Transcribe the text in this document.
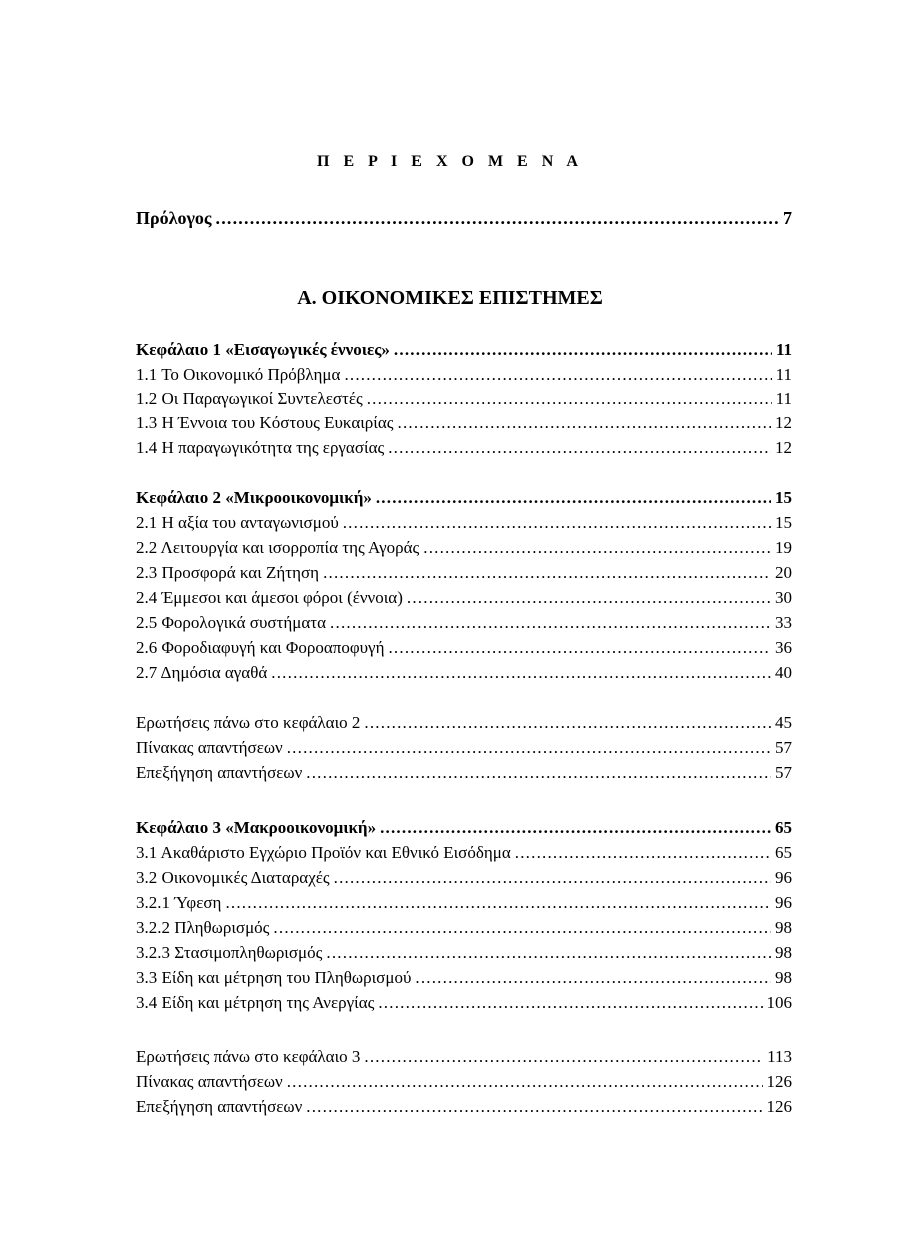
Π Ε Ρ Ι Ε Χ Ο Μ Ε Ν Α
Πρόλογος .....	7
Α. ΟΙΚΟΝΟΜΙΚΕΣ ΕΠΙΣΤΗΜΕΣ
Κεφάλαιο 1 «Εισαγωγικές έννοιες» .....	11
1.1 Το Οικονομικό Πρόβλημα .....	11
1.2 Οι Παραγωγικοί Συντελεστές .....	11
1.3 Η Έννοια του Κόστους Ευκαιρίας .....	12
1.4 Η παραγωγικότητα της εργασίας .....	12
Κεφάλαιο 2 «Μικροοικονομική» .....	15
2.1 Η αξία του ανταγωνισμού .....	15
2.2 Λειτουργία και ισορροπία της Αγοράς .....	19
2.3 Προσφορά και Ζήτηση .....	20
2.4 Έμμεσοι και άμεσοι φόροι (έννοια) .....	30
2.5 Φορολογικά συστήματα .....	33
2.6 Φοροδιαφυγή και Φοροαποφυγή .....	36
2.7 Δημόσια αγαθά .....	40
Ερωτήσεις πάνω στο κεφάλαιο 2 .....	45
Πίνακας απαντήσεων .....	57
Επεξήγηση απαντήσεων .....	57
Κεφάλαιο 3 «Μακροοικονομική» .....	65
3.1 Ακαθάριστο Εγχώριο Προϊόν και Εθνικό Εισόδημα .....	65
3.2 Οικονομικές Διαταραχές .....	96
3.2.1 Ύφεση .....	96
3.2.2 Πληθωρισμός .....	98
3.2.3 Στασιμοπληθωρισμός .....	98
3.3 Είδη και μέτρηση του Πληθωρισμού .....	98
3.4 Είδη και μέτρηση της Ανεργίας .....	106
Ερωτήσεις πάνω στο κεφάλαιο 3 .....	113
Πίνακας απαντήσεων .....	126
Επεξήγηση απαντήσεων .....	126
